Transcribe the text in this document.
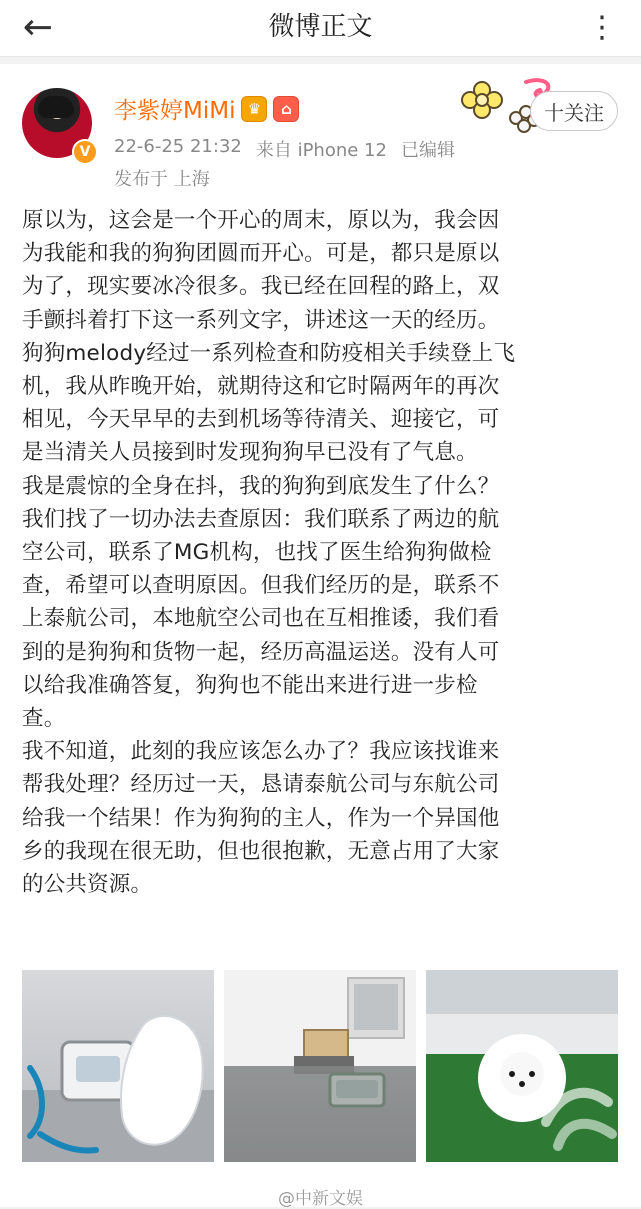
←	微博正文	⋮
V
李紫婷MiMi ♛	⌂
22-6-25 21:32 来自 iPhone 12 已编辑
发布于 上海
十关注
原以为，这会是一个开心的周末，原以为，我会因
为我能和我的狗狗团圆而开心。可是，都只是原以
为了，现实要冰冷很多。我已经在回程的路上，双
手颤抖着打下这一系列文字，讲述这一天的经历。
狗狗melody经过一系列检查和防疫相关手续登上飞
机，我从昨晚开始，就期待这和它时隔两年的再次
相见，今天早早的去到机场等待清关、迎接它，可
是当清关人员接到时发现狗狗早已没有了气息。
我是震惊的全身在抖，我的狗狗到底发生了什么？
我们找了一切办法去查原因：我们联系了两边的航
空公司，联系了MG机构，也找了医生给狗狗做检
查，希望可以查明原因。但我们经历的是，联系不
上泰航公司，本地航空公司也在互相推诿，我们看
到的是狗狗和货物一起，经历高温运送。没有人可
以给我准确答复，狗狗也不能出来进行进一步检
查。
我不知道，此刻的我应该怎么办了？我应该找谁来
帮我处理？经历过一天，恳请泰航公司与东航公司
给我一个结果！作为狗狗的主人，作为一个异国他
乡的我现在很无助，但也很抱歉，无意占用了大家
的公共资源。
@中新文娱
